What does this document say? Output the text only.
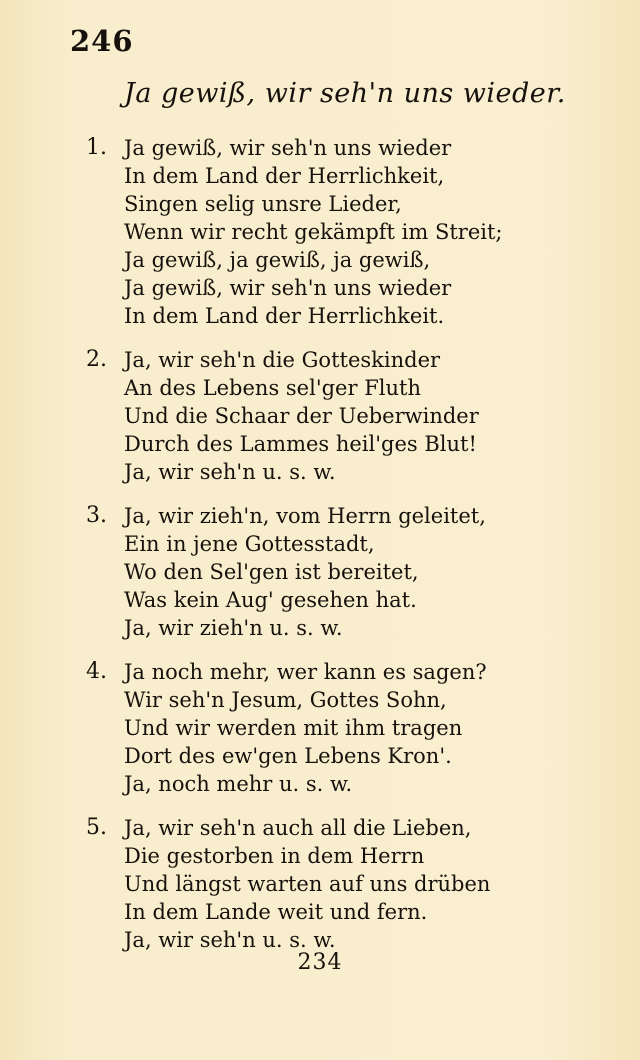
246
Ja gewiß, wir seh'n uns wieder.
1. Ja gewiß, wir seh'n uns wieder
In dem Land der Herrlichkeit,
Singen selig unsre Lieder,
Wenn wir recht gekämpft im Streit;
Ja gewiß, ja gewiß, ja gewiß,
Ja gewiß, wir seh'n uns wieder
In dem Land der Herrlichkeit.
2. Ja, wir seh'n die Gotteskinder
An des Lebens sel'ger Fluth
Und die Schaar der Ueberwinder
Durch des Lammes heil'ges Blut!
Ja, wir seh'n u. s. w.
3. Ja, wir zieh'n, vom Herrn geleitet,
Ein in jene Gottesstadt,
Wo den Sel'gen ist bereitet,
Was kein Aug' gesehen hat.
Ja, wir zieh'n u. s. w.
4. Ja noch mehr, wer kann es sagen?
Wir seh'n Jesum, Gottes Sohn,
Und wir werden mit ihm tragen
Dort des ew'gen Lebens Kron'.
Ja, noch mehr u. s. w.
5. Ja, wir seh'n auch all die Lieben,
Die gestorben in dem Herrn
Und längst warten auf uns drüben
In dem Lande weit und fern.
Ja, wir seh'n u. s. w.
234
